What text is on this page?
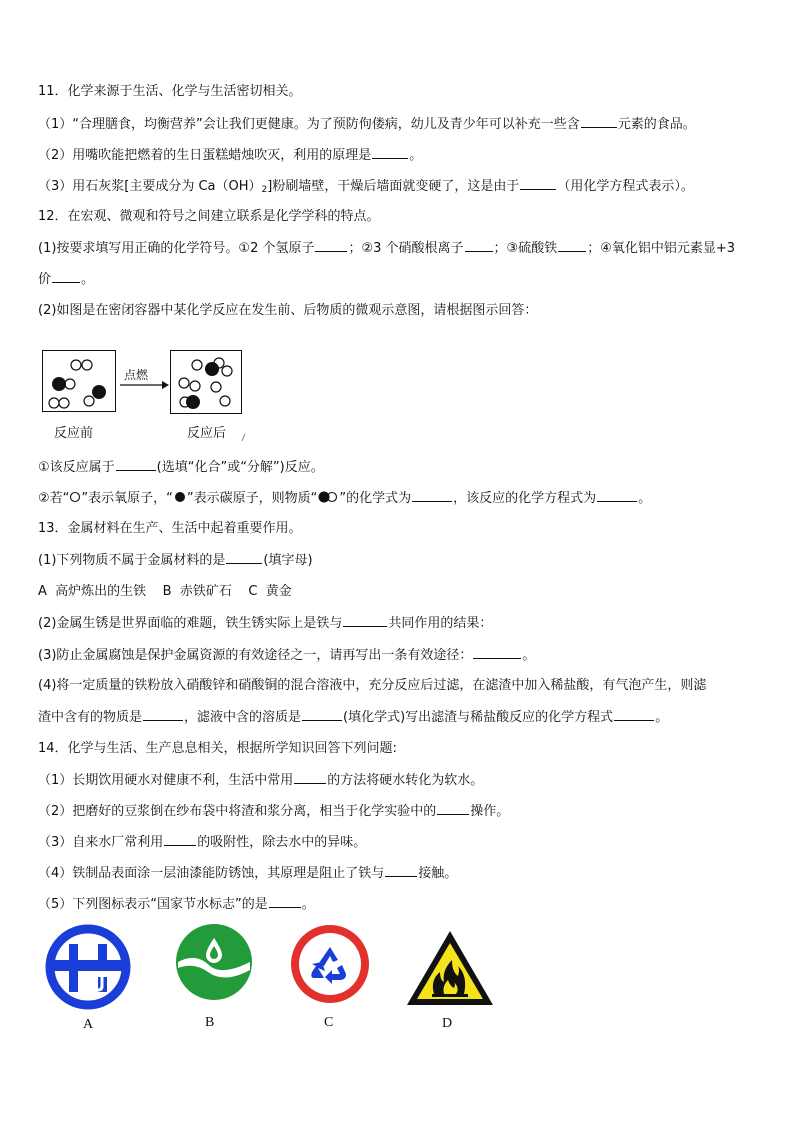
11．化学来源于生活、化学与生活密切相关。
（1）“合理膳食，均衡营养”会让我们更健康。为了预防佝偻病，幼儿及青少年可以补充一些含	元素的食品。
（2）用嘴吹能把燃着的生日蛋糕蜡烛吹灭，利用的原理是	。
（3）用石灰浆[主要成分为 $Ca(OH)_2$]粉刷墙壁，干燥后墙面就变硬了，这是由于	（用化学方程式表示）。
12．在宏观、微观和符号之间建立联系是化学学科的特点。
(1)按要求填写用正确的化学符号。①2 个氢原子	；②3 个硝酸根离子 ；③硫酸铁 ；④氧化铝中铝元素显+3
价 。
(2)如图是在密闭容器中某化学反应在发生前、后物质的微观示意图，请根据图示回答：
点燃
反应前	反应后
①该反应属于	(选填“化合”或“分解”)反应。
②若“ ”表示氧原子，“ ”表示碳原子，则物质“ ”的化学式为	，该反应的化学方程式为	。
13．金属材料在生产、生活中起着重要作用。
(1)下列物质不属于金属材料的是	(填字母)
A  高炉炼出的生铁    B  赤铁矿石    C  黄金
(2)金属生锈是世界面临的难题，铁生锈实际上是铁与	共同作用的结果：
(3)防止金属腐蚀是保护金属资源的有效途径之一，请再写出一条有效途径：	。
(4)将一定质量的铁粉放入硝酸锌和硝酸铜的混合溶液中，充分反应后过滤，在滤渣中加入稀盐酸，有气泡产生，则滤
渣中含有的物质是	，滤液中含的溶质是	(填化学式)写出滤渣与稀盐酸反应的化学方程式	。
14．化学与生活、生产息息相关，根据所学知识回答下列问题:
（1）长期饮用硬水对健康不利，生活中常用	的方法将硬水转化为软水。
（2）把磨好的豆浆倒在纱布袋中将渣和浆分离，相当于化学实验中的	操作。
（3）自来水厂常利用	的吸附性，除去水中的异味。
（4）铁制品表面涂一层油漆能防锈蚀，其原理是阻止了铁与	接触。
（5）下列图标表示“国家节水标志”的是	。
A	B	C	D
